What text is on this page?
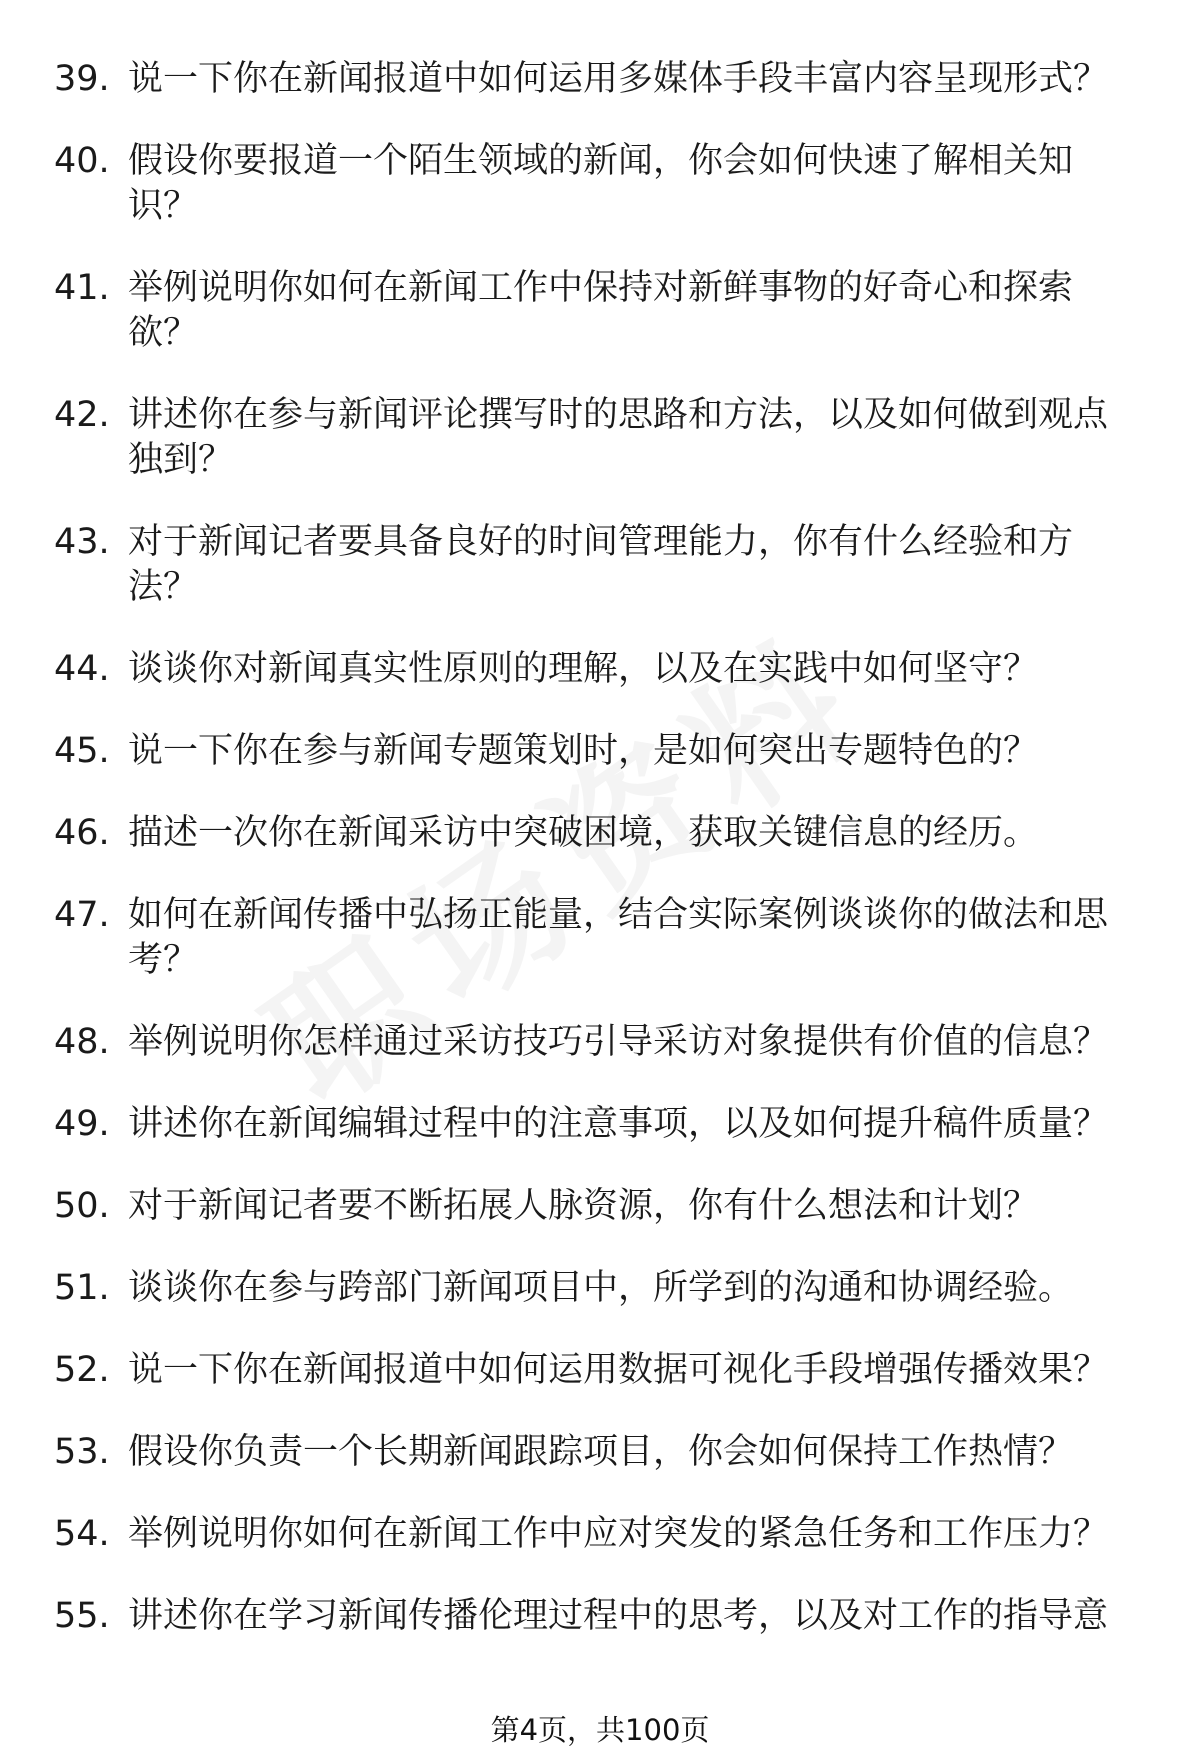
39. 说一下你在新闻报道中如何运用多媒体手段丰富内容呈现形式？
40. 假设你要报道一个陌生领域的新闻，你会如何快速了解相关知识？
41. 举例说明你如何在新闻工作中保持对新鲜事物的好奇心和探索欲？
42. 讲述你在参与新闻评论撰写时的思路和方法，以及如何做到观点独到？
43. 对于新闻记者要具备良好的时间管理能力，你有什么经验和方法？
44. 谈谈你对新闻真实性原则的理解，以及在实践中如何坚守？
45. 说一下你在参与新闻专题策划时，是如何突出专题特色的？
46. 描述一次你在新闻采访中突破困境，获取关键信息的经历。
47. 如何在新闻传播中弘扬正能量，结合实际案例谈谈你的做法和思考？
48. 举例说明你怎样通过采访技巧引导采访对象提供有价值的信息？
49. 讲述你在新闻编辑过程中的注意事项，以及如何提升稿件质量？
50. 对于新闻记者要不断拓展人脉资源，你有什么想法和计划？
51. 谈谈你在参与跨部门新闻项目中，所学到的沟通和协调经验。
52. 说一下你在新闻报道中如何运用数据可视化手段增强传播效果？
53. 假设你负责一个长期新闻跟踪项目，你会如何保持工作热情？
54. 举例说明你如何在新闻工作中应对突发的紧急任务和工作压力？
55. 讲述你在学习新闻传播伦理过程中的思考，以及对工作的指导意
第4页，共100页
